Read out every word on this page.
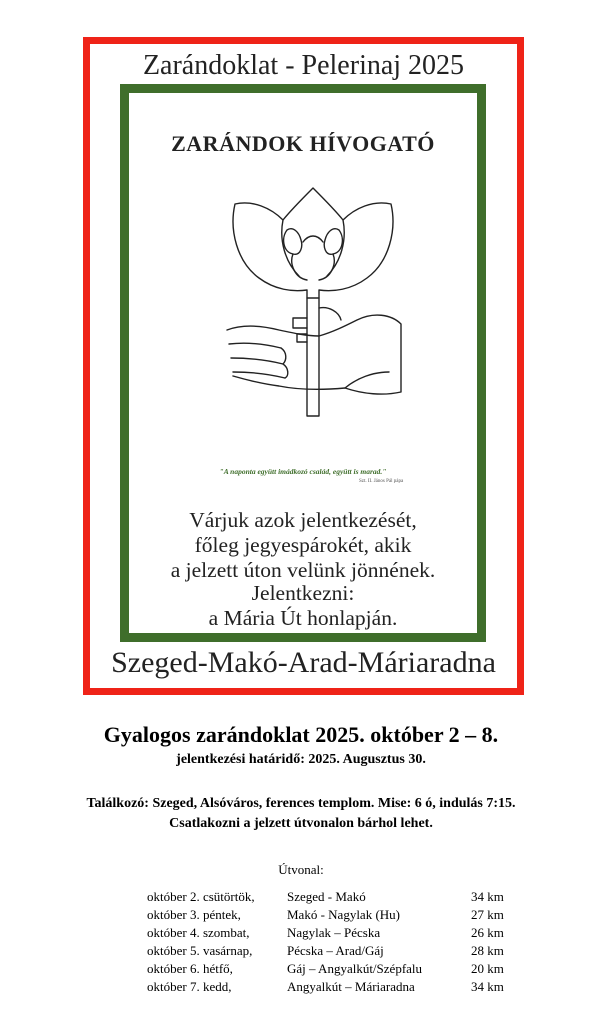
Zarándoklat - Pelerinaj 2025
ZARÁNDOK HÍVOGATÓ
"A naponta együtt imádkozó család, együtt is marad."
Szt. II. János Pál pápa
Várjuk azok jelentkezését,
főleg jegyespárokét, akik
a jelzett úton velünk jönnének.
Jelentkezni:
a Mária Út honlapján.
Szeged-Makó-Arad-Máriaradna
Gyalogos zarándoklat 2025. október 2 – 8.
jelentkezési határidő: 2025. Augusztus 30.
Találkozó: Szeged, Alsóváros, ferences templom. Mise: 6 ó, indulás 7:15.
Csatlakozni a jelzett útvonalon bárhol lehet.
Útvonal:
október 2. csütörtök,	Szeged - Makó	34 km
október 3. péntek,	Makó - Nagylak (Hu)	27 km
október 4. szombat,	Nagylak – Pécska	26 km
október 5. vasárnap,	Pécska – Arad/Gáj	28 km
október 6. hétfő,	Gáj – Angyalkút/Szépfalu	20 km
október 7. kedd,	Angyalkút – Máriaradna	34 km
